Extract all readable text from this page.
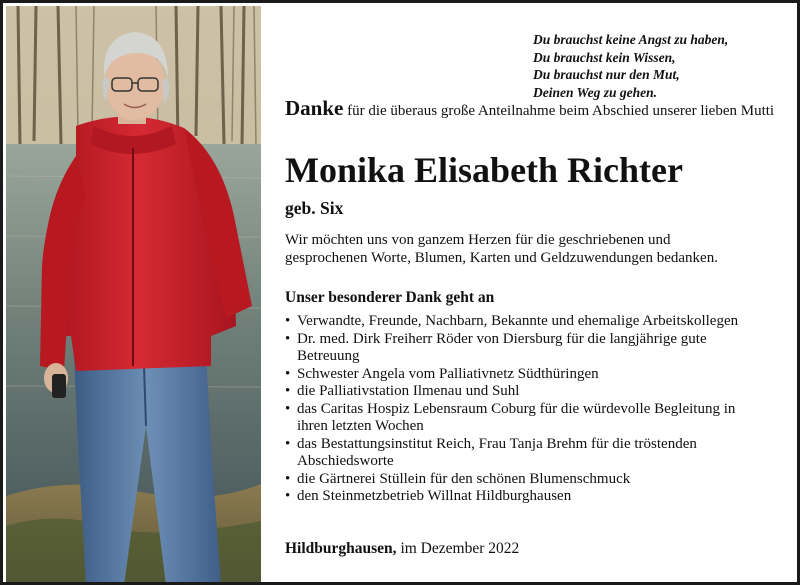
Du brauchst keine Angst zu haben,
Du brauchst kein Wissen,
Du brauchst nur den Mut,
Deinen Weg zu gehen.
Danke für die überaus große Anteilnahme beim Abschied unserer lieben Mutti
Monika Elisabeth Richter
geb. Six
Wir möchten uns von ganzem Herzen für die geschriebenen und gesprochenen Worte, Blumen, Karten und Geldzuwendungen bedanken.
Unser besonderer Dank geht an
• Verwandte, Freunde, Nachbarn, Bekannte und ehemalige Arbeitskollegen
• Dr. med. Dirk Freiherr Röder von Diersburg für die langjährige gute Betreuung
• Schwester Angela vom Palliativnetz Südthüringen
• die Palliativstation Ilmenau und Suhl
• das Caritas Hospiz Lebensraum Coburg für die würdevolle Begleitung in ihren letzten Wochen
• das Bestattungsinstitut Reich, Frau Tanja Brehm für die tröstenden Abschiedsworte
• die Gärtnerei Stüllein für den schönen Blumenschmuck
• den Steinmetzbetrieb Willnat Hildburghausen
Hildburghausen, im Dezember 2022
